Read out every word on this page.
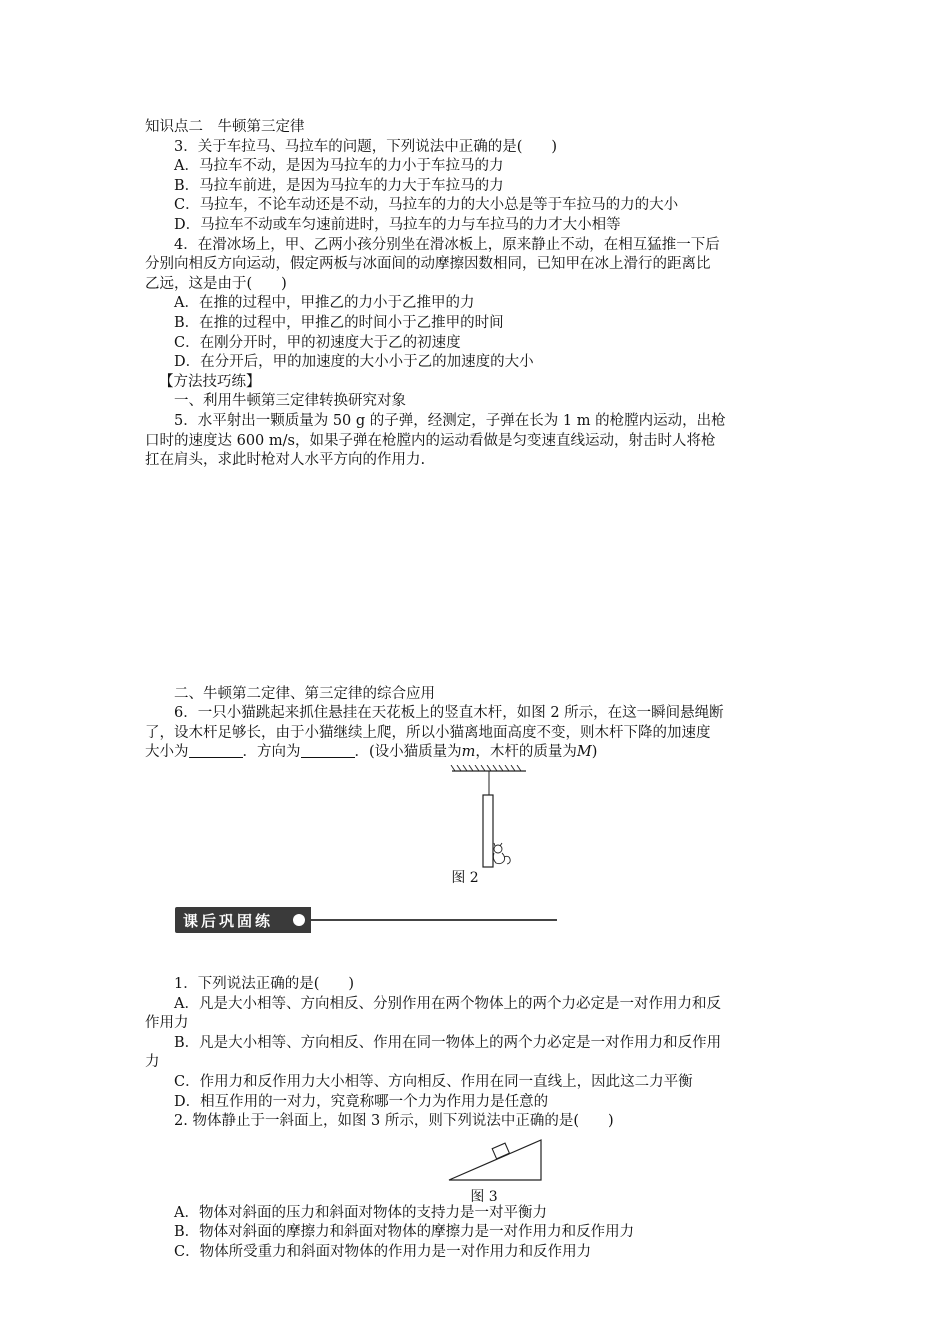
知识点二　牛顿第三定律
3．关于车拉马、马拉车的问题，下列说法中正确的是(　　)
A．马拉车不动，是因为马拉车的力小于车拉马的力
B．马拉车前进，是因为马拉车的力大于车拉马的力
C．马拉车，不论车动还是不动，马拉车的力的大小总是等于车拉马的力的大小
D．马拉车不动或车匀速前进时，马拉车的力与车拉马的力才大小相等
4．在滑冰场上，甲、乙两小孩分别坐在滑冰板上，原来静止不动，在相互猛推一下后
分别向相反方向运动，假定两板与冰面间的动摩擦因数相同，已知甲在冰上滑行的距离比
乙远，这是由于(　　)
A．在推的过程中，甲推乙的力小于乙推甲的力
B．在推的过程中，甲推乙的时间小于乙推甲的时间
C．在刚分开时，甲的初速度大于乙的初速度
D．在分开后，甲的加速度的大小小于乙的加速度的大小
【方法技巧练】
一、利用牛顿第三定律转换研究对象
5．水平射出一颗质量为 50 g 的子弹，经测定，子弹在长为 1 m 的枪膛内运动，出枪
口时的速度达 600 m/s，如果子弹在枪膛内的运动看做是匀变速直线运动，射击时人将枪
扛在肩头，求此时枪对人水平方向的作用力.
二、牛顿第二定律、第三定律的综合应用
6．一只小猫跳起来抓住悬挂在天花板上的竖直木杆，如图 2 所示，在这一瞬间悬绳断
了，设木杆足够长，由于小猫继续上爬，所以小猫离地面高度不变，则木杆下降的加速度
大小为	．方向为	．(设小猫质量为m，木杆的质量为M)
图 2
课后巩固练
1．下列说法正确的是(　　)
A．凡是大小相等、方向相反、分别作用在两个物体上的两个力必定是一对作用力和反
作用力
B．凡是大小相等、方向相反、作用在同一物体上的两个力必定是一对作用力和反作用
力
C．作用力和反作用力大小相等、方向相反、作用在同一直线上，因此这二力平衡
D．相互作用的一对力，究竟称哪一个力为作用力是任意的
2. 物体静止于一斜面上，如图 3 所示，则下列说法中正确的是(　　)
图 3
A．物体对斜面的压力和斜面对物体的支持力是一对平衡力
B．物体对斜面的摩擦力和斜面对物体的摩擦力是一对作用力和反作用力
C．物体所受重力和斜面对物体的作用力是一对作用力和反作用力
